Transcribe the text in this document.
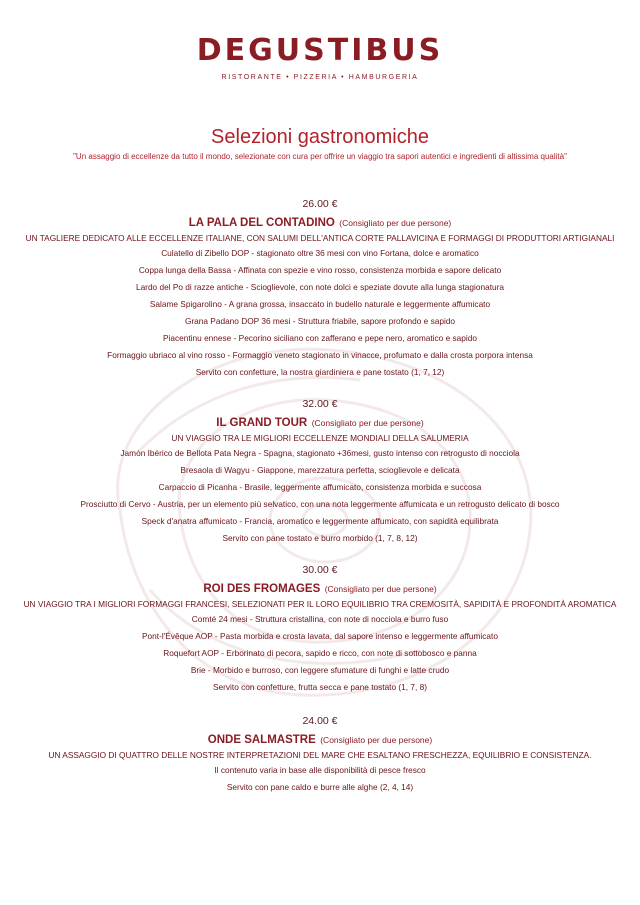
DEGUSTIBUS
RISTORANTE • PIZZERIA • HAMBURGERIA
Selezioni gastronomiche
"Un assaggio di eccellenze da tutto il mondo, selezionate con cura per offrire un viaggio tra sapori autentici e ingredienti di altissima qualità"
26.00 €
LA PALA DEL CONTADINO (Consigliato per due persone)
UN TAGLIERE DEDICATO ALLE ECCELLENZE ITALIANE, CON SALUMI DELL'ANTICA CORTE PALLAVICINA E FORMAGGI DI PRODUTTORI ARTIGIANALI
Culatello di Zibello DOP - stagionato oltre 36 mesi con vino Fortana, dolce e aromatico
Coppa lunga della Bassa - Affinata con spezie e vino rosso, consistenza morbida e sapore delicato
Lardo del Po di razze antiche - Scioglievole, con note dolci e speziate dovute alla lunga stagionatura
Salame Spigarolino - A grana grossa, insaccato in budello naturale e leggermente affumicato
Grana Padano DOP 36 mesi - Struttura friabile, sapore profondo e sapido
Piacentinu ennese - Pecorino siciliano con zafferano e pepe nero, aromatico e sapido
Formaggio ubriaco al vino rosso - Formaggio veneto stagionato in vinacce, profumato e dalla crosta porpora intensa
Servito con confetture, la nostra giardiniera e pane tostato (1, 7, 12)
32.00 €
IL GRAND TOUR (Consigliato per due persone)
UN VIAGGIO TRA LE MIGLIORI ECCELLENZE MONDIALI DELLA SALUMERIA
Jamón Ibérico de Bellota Pata Negra - Spagna, stagionato +36mesi, gusto intenso con retrogusto di nocciola
Bresaola di Wagyu - Giappone, marezzatura perfetta, scioglievole e delicata
Carpaccio di Picanha - Brasile, leggermente affumicato, consistenza morbida e succosa
Prosciutto di Cervo - Austria, per un elemento più selvatico, con una nota leggermente affumicata e un retrogusto delicato di bosco
Speck d'anatra affumicato - Francia, aromatico e leggermente affumicato, con sapidità equilibrata
Servito con pane tostato e burro morbido (1, 7, 8, 12)
30.00 €
ROI DES FROMAGES (Consigliato per due persone)
UN VIAGGIO TRA I MIGLIORI FORMAGGI FRANCESI, SELEZIONATI PER IL LORO EQUILIBRIO TRA CREMOSITÀ, SAPIDITÀ E PROFONDITÀ AROMATICA
Comté 24 mesi - Struttura cristallina, con note di nocciola e burro fuso
Pont-l'Évêque AOP - Pasta morbida e crosta lavata, dal sapore intenso e leggermente affumicato
Roquefort AOP - Erborinato di pecora, sapido e ricco, con note di sottobosco e panna
Brie - Morbido e burroso, con leggere sfumature di funghi e latte crudo
Servito con confetture, frutta secca e pane tostato (1, 7, 8)
24.00 €
ONDE SALMASTRE (Consigliato per due persone)
UN ASSAGGIO DI QUATTRO DELLE NOSTRE INTERPRETAZIONI DEL MARE CHE ESALTANO FRESCHEZZA, EQUILIBRIO E CONSISTENZA.
Il contenuto varia in base alle disponibilità di pesce fresco
Servito con pane caldo e burre alle alghe (2, 4, 14)
